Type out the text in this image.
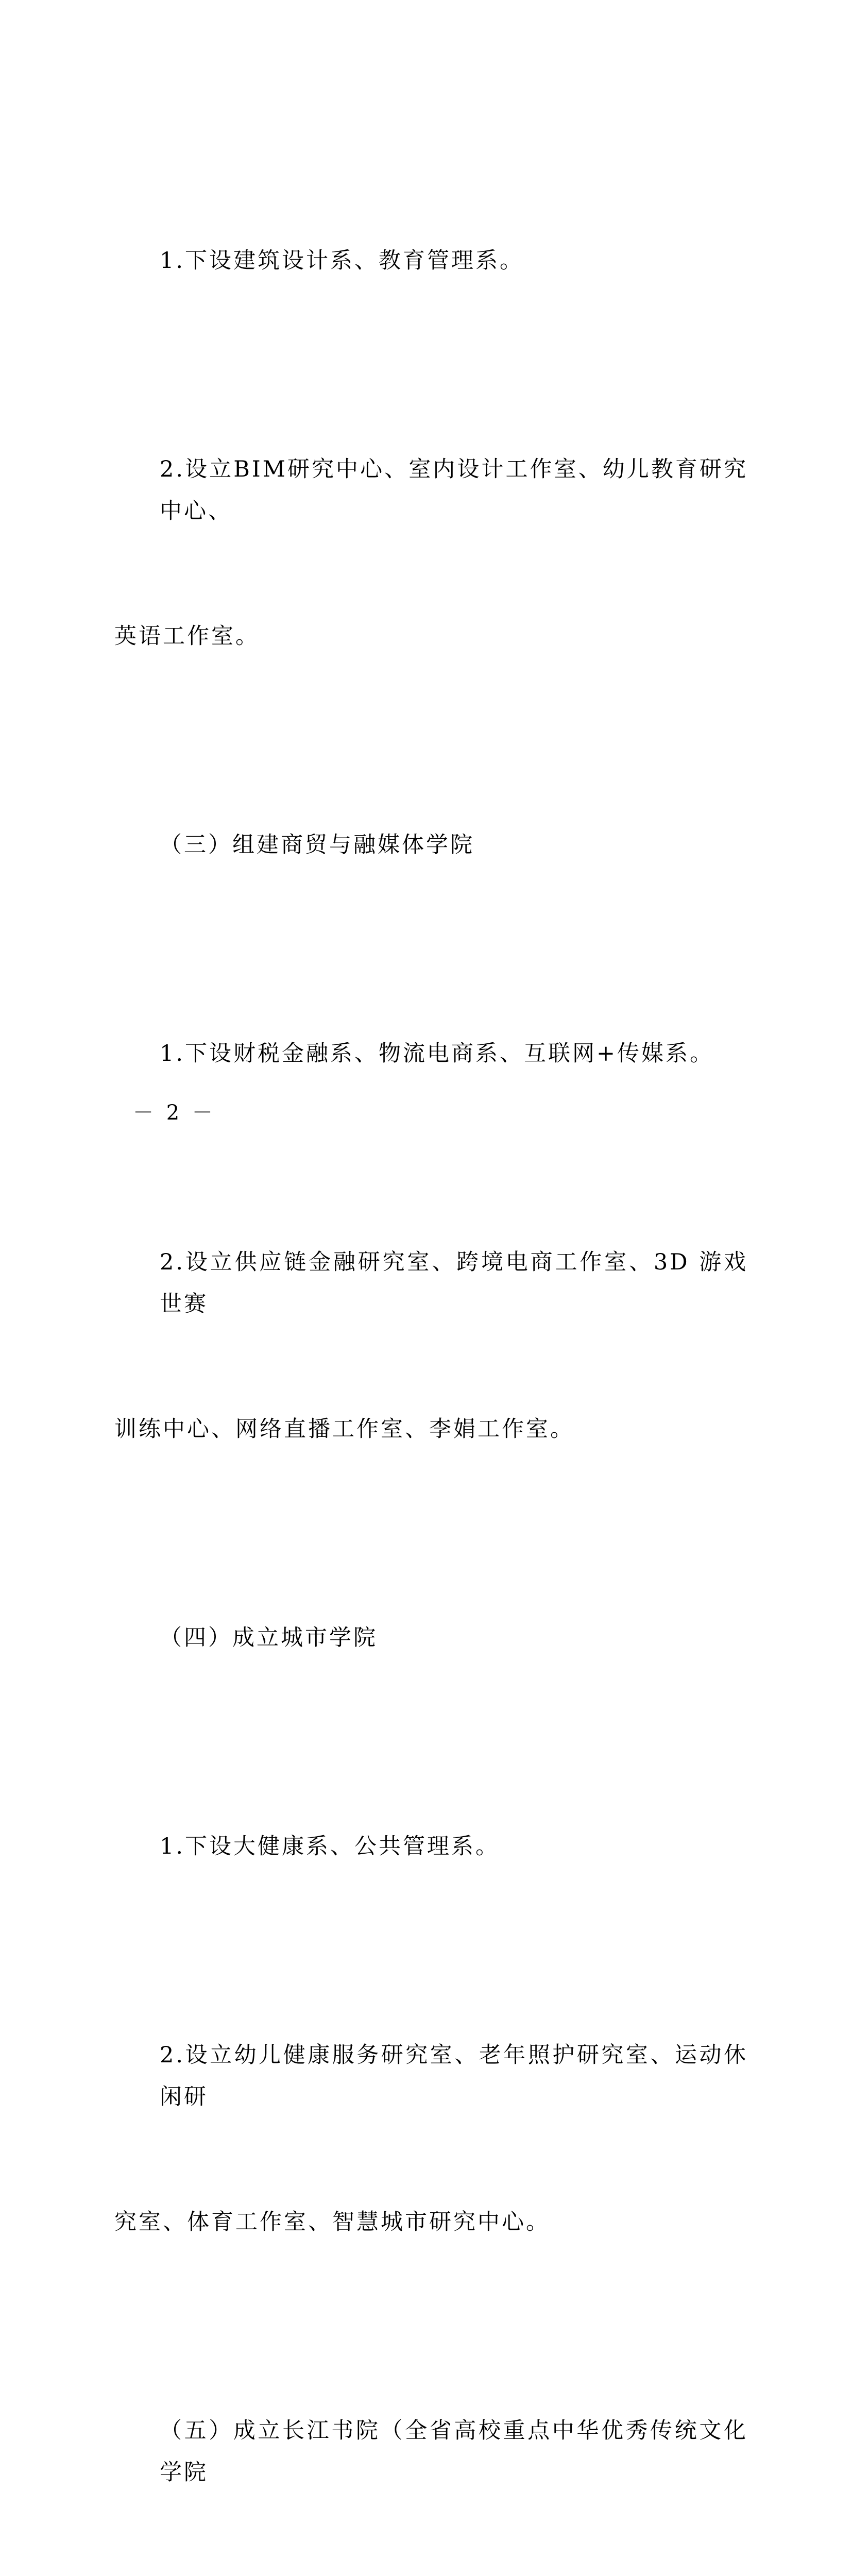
1.下设建筑设计系、教育管理系。

2.设立BIM研究中心、室内设计工作室、幼儿教育研究中心、

英语工作室。

（三）组建商贸与融媒体学院

1.下设财税金融系、物流电商系、互联网+传媒系。

2.设立供应链金融研究室、跨境电商工作室、3D 游戏世赛

训练中心、网络直播工作室、李娟工作室。

（四）成立城市学院

1.下设大健康系、公共管理系。

2.设立幼儿健康服务研究室、老年照护研究室、运动休闲研

究室、体育工作室、智慧城市研究中心。

（五）成立长江书院（全省高校重点中华优秀传统文化学院

－ 2 －
